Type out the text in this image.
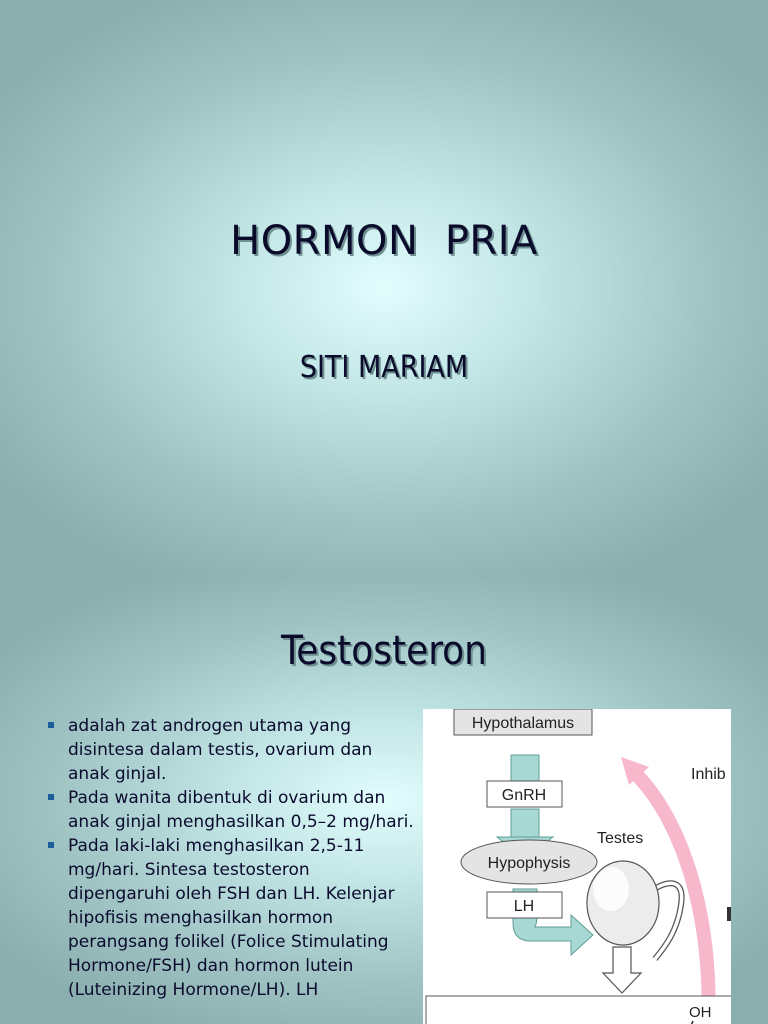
HORMON  PRIA
SITI MARIAM
Testosteron
adalah zat androgen utama yang disintesa dalam testis, ovarium dan anak ginjal.
Pada wanita dibentuk di ovarium dan anak ginjal menghasilkan 0,5–2 mg/hari.
Pada laki-laki menghasilkan 2,5-11 mg/hari. Sintesa testosteron dipengaruhi oleh FSH dan LH. Kelenjar hipofisis menghasilkan hormon perangsang folikel (Folice Stimulating Hormone/FSH) dan hormon lutein (Luteinizing Hormone/LH). LH
Hypothalamus
GnRH
Hypophysis
LH
Testes
OH
Inhib
